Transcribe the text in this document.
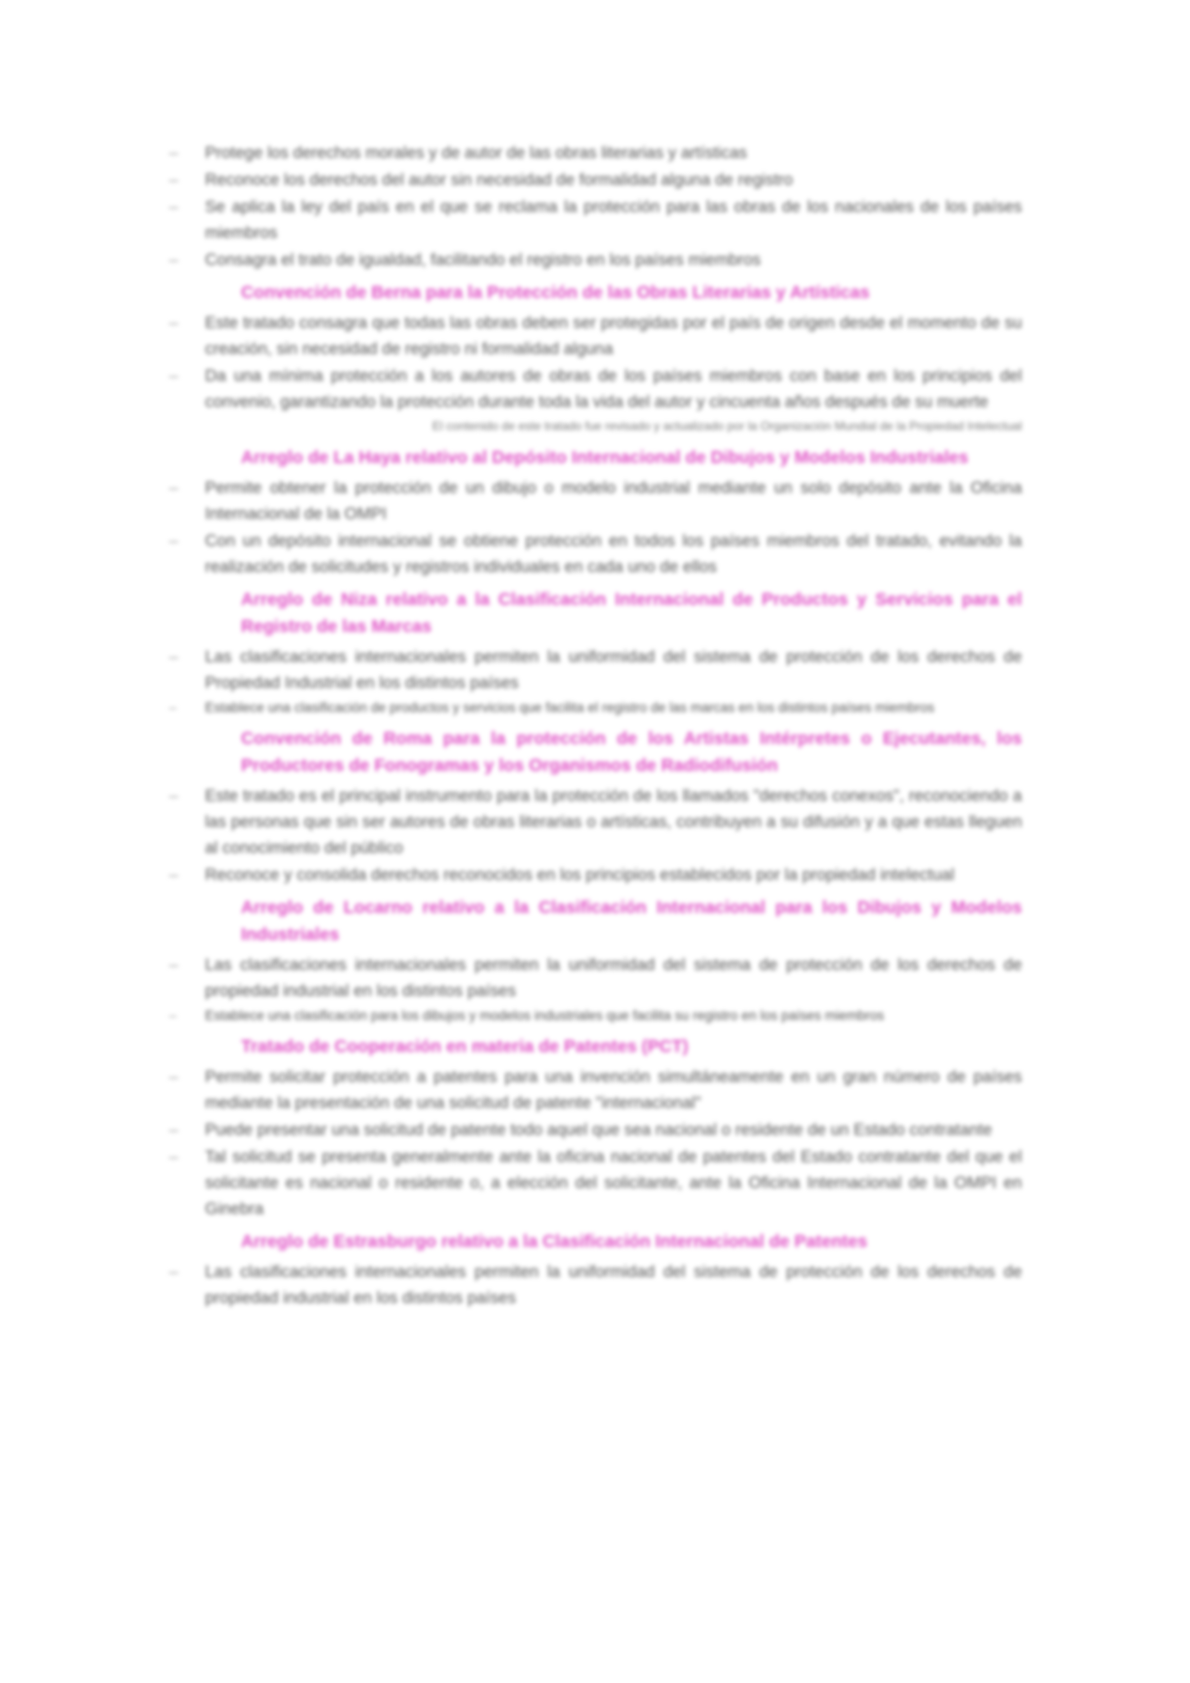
– Protege los derechos morales y de autor de las obras literarias y artísticas
– Reconoce los derechos del autor sin necesidad de formalidad alguna de registro
– Se aplica la ley del país en el que se reclama la protección para las obras de los nacionales de los países miembros
– Consagra el trato de igualdad, facilitando el registro en los países miembros
Convención de Berna para la Protección de las Obras Literarias y Artísticas
– Este tratado consagra que todas las obras deben ser protegidas por el país de origen desde el momento de su creación, sin necesidad de registro ni formalidad alguna
– Da una mínima protección a los autores de obras de los países miembros con base en los principios del convenio, garantizando la protección durante toda la vida del autor y cincuenta años después de su muerte
El contenido de este tratado fue revisado y actualizado por la Organización Mundial de la Propiedad Intelectual
Arreglo de La Haya relativo al Depósito Internacional de Dibujos y Modelos Industriales
– Permite obtener la protección de un dibujo o modelo industrial mediante un solo depósito ante la Oficina Internacional de la OMPI
– Con un depósito internacional se obtiene protección en todos los países miembros del tratado, evitando la realización de solicitudes y registros individuales en cada uno de ellos
Arreglo de Niza relativo a la Clasificación Internacional de Productos y Servicios para el Registro de las Marcas
– Las clasificaciones internacionales permiten la uniformidad del sistema de protección de los derechos de Propiedad Industrial en los distintos países
– Establece una clasificación de productos y servicios que facilita el registro de las marcas en los distintos países miembros
Convención de Roma para la protección de los Artistas Intérpretes o Ejecutantes, los Productores de Fonogramas y los Organismos de Radiodifusión
– Este tratado es el principal instrumento para la protección de los llamados "derechos conexos", reconociendo a las personas que sin ser autores de obras literarias o artísticas, contribuyen a su difusión y a que estas lleguen al conocimiento del público
– Reconoce y consolida derechos reconocidos en los principios establecidos por la propiedad intelectual
Arreglo de Locarno relativo a la Clasificación Internacional para los Dibujos y Modelos Industriales
– Las clasificaciones internacionales permiten la uniformidad del sistema de protección de los derechos de propiedad industrial en los distintos países
– Establece una clasificación para los dibujos y modelos industriales que facilita su registro en los países miembros
Tratado de Cooperación en materia de Patentes (PCT)
– Permite solicitar protección a patentes para una invención simultáneamente en un gran número de países mediante la presentación de una solicitud de patente "internacional"
– Puede presentar una solicitud de patente todo aquel que sea nacional o residente de un Estado contratante
– Tal solicitud se presenta generalmente ante la oficina nacional de patentes del Estado contratante del que el solicitante es nacional o residente o, a elección del solicitante, ante la Oficina Internacional de la OMPI en Ginebra
Arreglo de Estrasburgo relativo a la Clasificación Internacional de Patentes
– Las clasificaciones internacionales permiten la uniformidad del sistema de protección de los derechos de propiedad industrial en los distintos países
